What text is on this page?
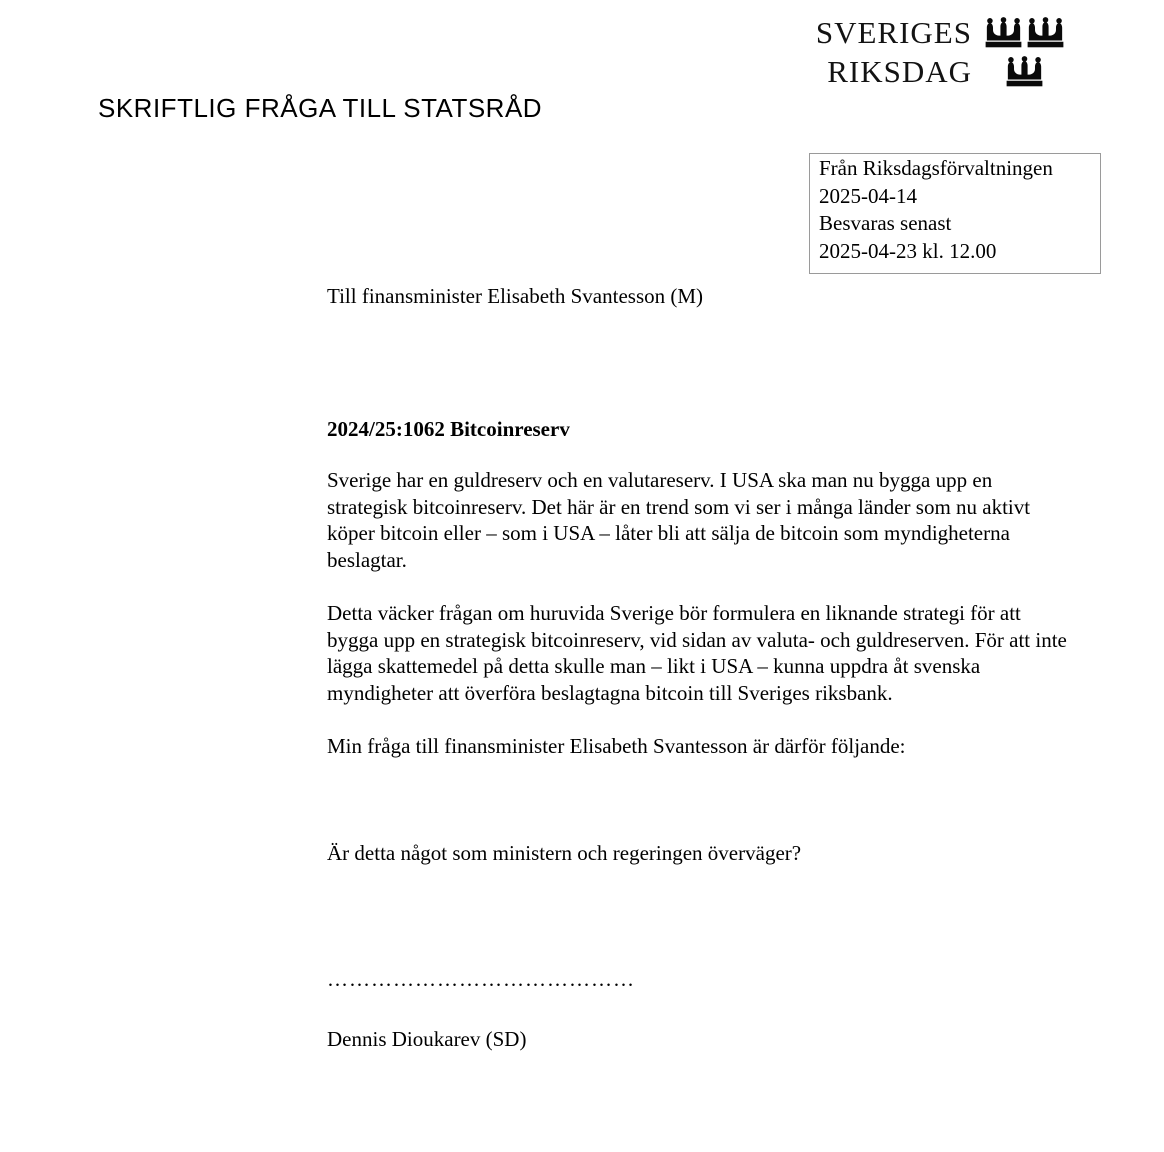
SVERIGES
RIKSDAG
SKRIFTLIG FRÅGA TILL STATSRÅD
Från Riksdagsförvaltningen
2025-04-14
Besvaras senast
2025-04-23 kl. 12.00

Till finansminister Elisabeth Svantesson (M)

2024/25:1062 Bitcoinreserv

Sverige har en guldreserv och en valutareserv. I USA ska man nu bygga upp en strategisk bitcoinreserv. Det här är en trend som vi ser i många länder som nu aktivt köper bitcoin eller – som i USA – låter bli att sälja de bitcoin som myndigheterna beslagtar.

Detta väcker frågan om huruvida Sverige bör formulera en liknande strategi för att bygga upp en strategisk bitcoinreserv, vid sidan av valuta- och guldreserven. För att inte lägga skattemedel på detta skulle man – likt i USA – kunna uppdra åt svenska myndigheter att överföra beslagtagna bitcoin till Sveriges riksbank.

Min fråga till finansminister Elisabeth Svantesson är därför följande:

Är detta något som ministern och regeringen överväger?

……………………………………

Dennis Dioukarev (SD)
